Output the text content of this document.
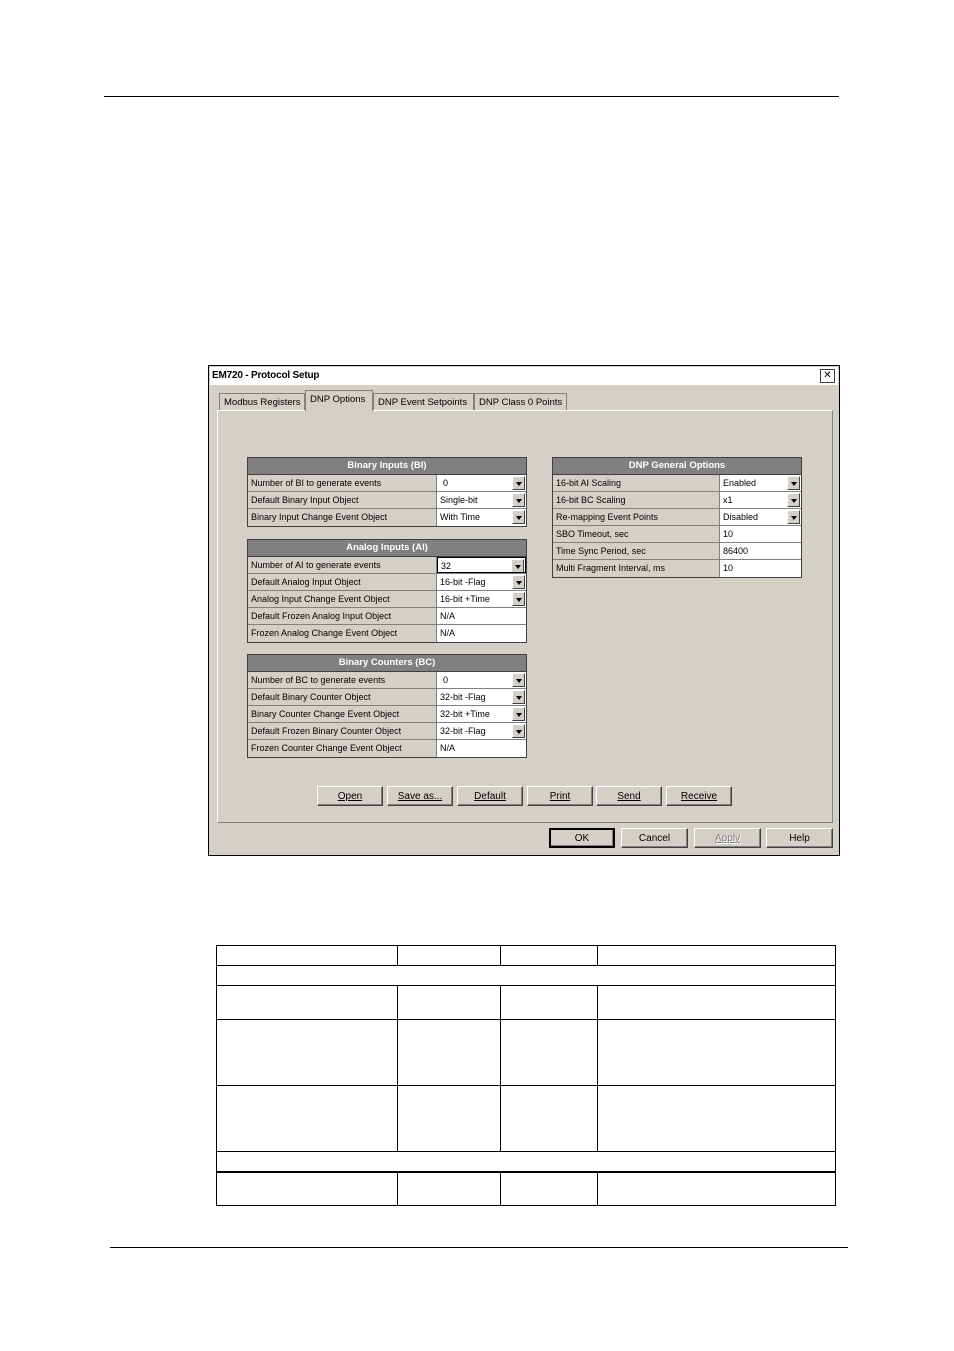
EM720 - Protocol Setup	✕
Modbus Registers DNP Options	DNP Event Setpoints	DNP Class 0 Points
Binary Inputs (BI)
Number of BI to generate events	0
Default Binary Input Object	Single-bit
Binary Input Change Event Object	With Time
Analog Inputs (AI)
Number of AI to generate events	32
Default Analog Input Object	16-bit -Flag
Analog Input Change Event Object	16-bit +Time
Default Frozen Analog Input Object	N/A
Frozen Analog Change Event Object	N/A
Binary Counters (BC)
Number of BC to generate events	0
Default Binary Counter Object	32-bit -Flag
Binary Counter Change Event Object	32-bit +Time
Default Frozen Binary Counter Object	32-bit -Flag
Frozen Counter Change Event Object	N/A
DNP General Options
16-bit AI Scaling	Enabled
16-bit BC Scaling	x1
Re-mapping Event Points	Disabled
SBO Timeout, sec	10
Time Sync Period, sec	86400
Multi Fragment Interval, ms	10
Open	Save as...	Default	Print	Send	Receive
OK	Cancel	Apply	Help
